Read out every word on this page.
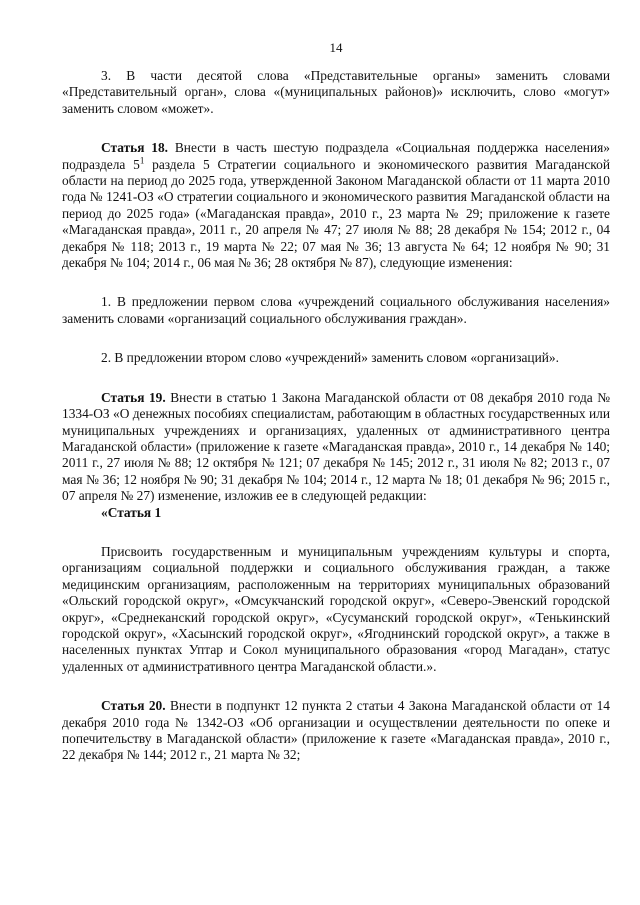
14

3. В части десятой слова «Представительные органы» заменить словами «Представительный орган», слова «(муниципальных районов)» исключить, слово «могут» заменить словом «может».

Статья 18. Внести в часть шестую подраздела «Социальная поддержка населения» подраздела $5^1$ раздела 5 Стратегии социального и экономического развития Магаданской области на период до 2025 года, утвержденной Законом Магаданской области от 11 марта 2010 года № 1241-ОЗ «О стратегии социального и экономического развития Магаданской области на период до 2025 года» («Магаданская правда», 2010 г., 23 марта № 29; приложение к газете «Магаданская правда», 2011 г., 20 апреля № 47; 27 июля № 88; 28 декабря № 154; 2012 г., 04 декабря № 118; 2013 г., 19 марта № 22; 07 мая № 36; 13 августа № 64; 12 ноября № 90; 31 декабря № 104; 2014 г., 06 мая № 36; 28 октября № 87), следующие изменения:

1. В предложении первом слова «учреждений социального обслуживания населения» заменить словами «организаций социального обслуживания граждан».

2. В предложении втором слово «учреждений» заменить словом «организаций».

Статья 19. Внести в статью 1 Закона Магаданской области от 08 декабря 2010 года № 1334-ОЗ «О денежных пособиях специалистам, работающим в областных государственных или муниципальных учреждениях и организациях, удаленных от административного центра Магаданской области» (приложение к газете «Магаданская правда», 2010 г., 14 декабря № 140; 2011 г., 27 июля № 88; 12 октября № 121; 07 декабря № 145; 2012 г., 31 июля № 82; 2013 г., 07 мая № 36; 12 ноября № 90; 31 декабря № 104; 2014 г., 12 марта № 18; 01 декабря № 96; 2015 г., 07 апреля № 27) изменение, изложив ее в следующей редакции:

«Статья 1

Присвоить государственным и муниципальным учреждениям культуры и спорта, организациям социальной поддержки и социального обслуживания граждан, а также медицинским организациям, расположенным на территориях муниципальных образований «Ольский городской округ», «Омсукчанский городской округ», «Северо-Эвенский городской округ», «Среднеканский городской округ», «Сусуманский городской округ», «Тенькинский городской округ», «Хасынский городской округ», «Ягоднинский городской округ», а также в населенных пунктах Уптар и Сокол муниципального образования «город Магадан», статус удаленных от административного центра Магаданской области.».

Статья 20. Внести в подпункт 12 пункта 2 статьи 4 Закона Магаданской области от 14 декабря 2010 года № 1342-ОЗ «Об организации и осуществлении деятельности по опеке и попечительству в Магаданской области» (приложение к газете «Магаданская правда», 2010 г., 22 декабря № 144; 2012 г., 21 марта № 32;
